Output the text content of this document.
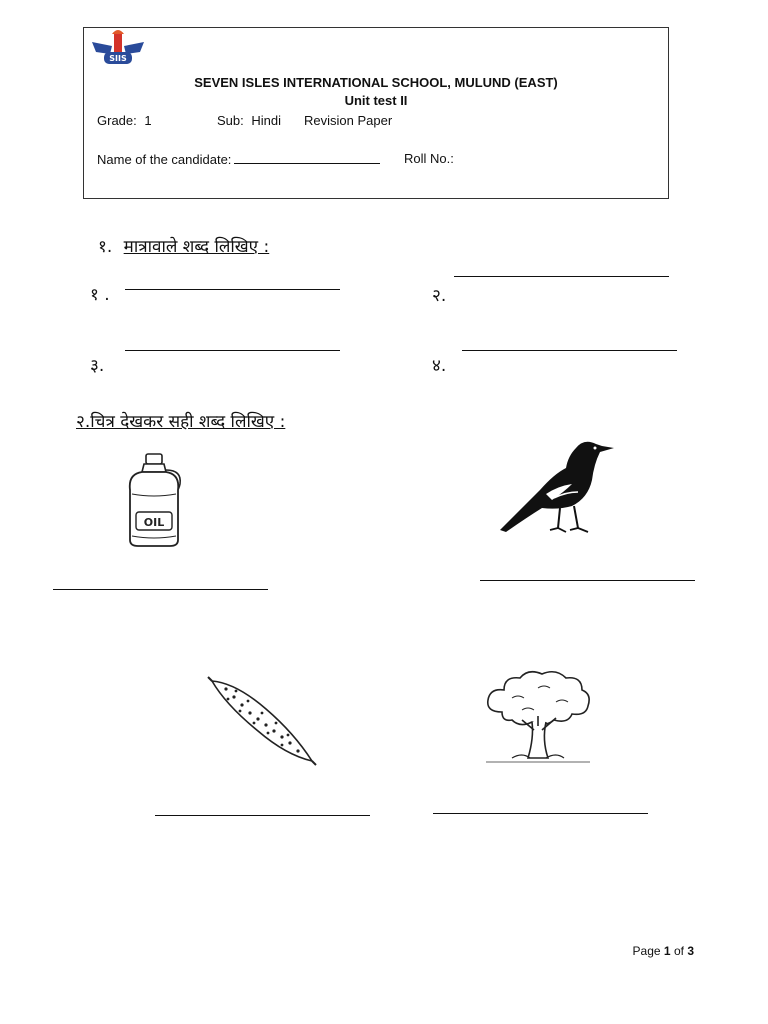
SIIS
SEVEN ISLES INTERNATIONAL SCHOOL, MULUND (EAST)
Unit test II
Grade: 1	Sub: Hindi Revision Paper
Name of the candidate:	Roll No.:
१. मात्रावाले शब्द लिखिए :
१ .	२.
३.	४.
२.चित्र देखकर सही शब्द लिखिए :
OIL
Page 1 of 3
